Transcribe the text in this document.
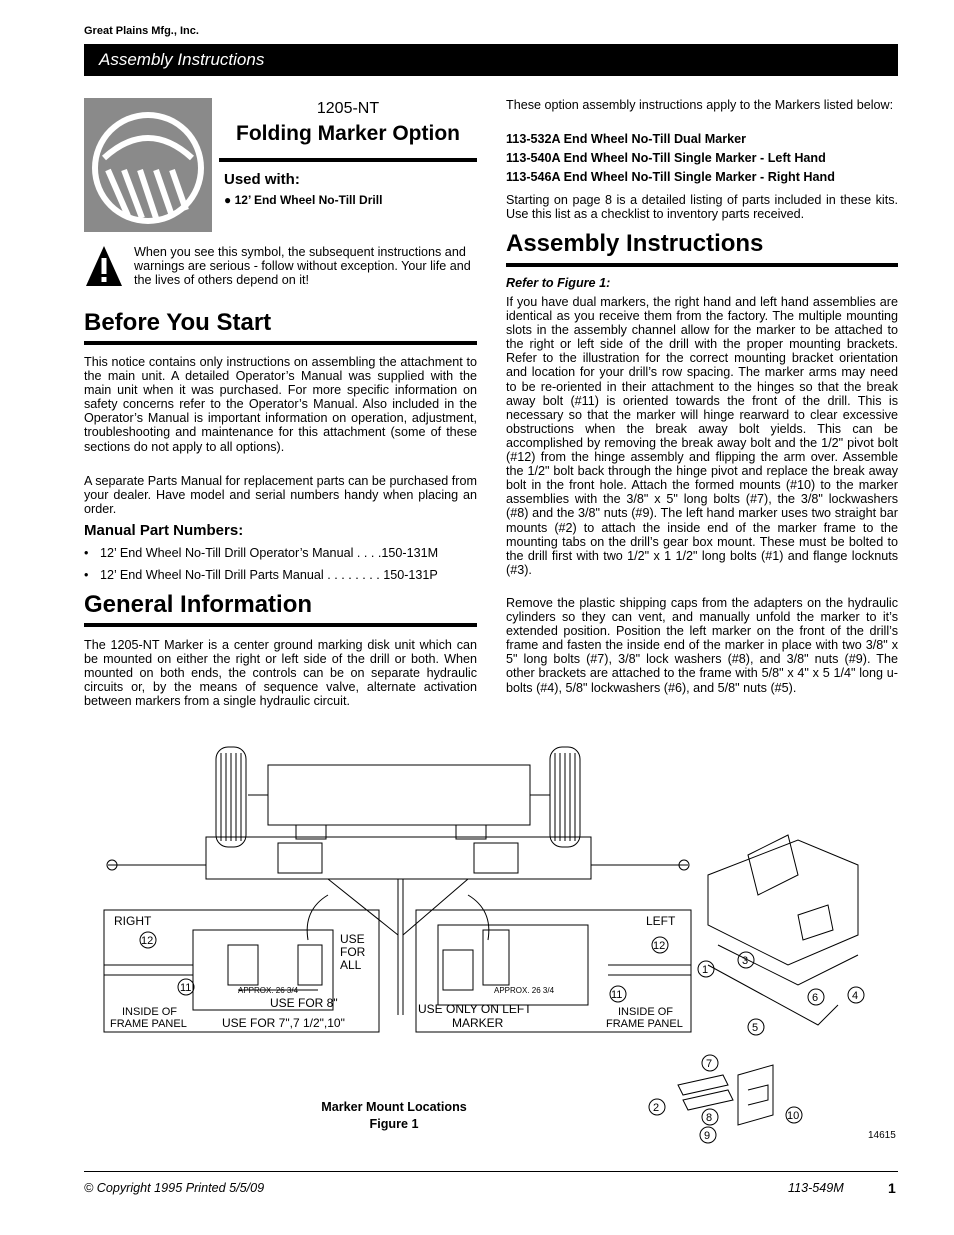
Great Plains Mfg., Inc.
Assembly Instructions
1205-NT
Folding Marker Option
Used with:
● 12’ End Wheel No-Till Drill
When you see this symbol, the subsequent instructions and warnings are serious - follow without exception. Your life and the lives of others depend on it!
Before You Start
This notice contains only instructions on assembling the attachment to the main unit. A detailed Operator’s Manual was supplied with the main unit when it was purchased. For more specific information on safety concerns refer to the Operator’s Manual. Also included in the Operator’s Manual is important information on operation, adjustment, troubleshooting and maintenance for this attachment (some of these sections do not apply to all options).
A separate Parts Manual for replacement parts can be purchased from your dealer. Have model and serial numbers handy when placing an order.
Manual Part Numbers:
• 12’ End Wheel No-Till Drill Operator’s Manual . . . .150-131M
• 12’ End Wheel No-Till Drill Parts Manual . . . . . . . . 150-131P
General Information
The 1205-NT Marker is a center ground marking disk unit which can be mounted on either the right or left side of the drill or both. When mounted on both ends, the controls can be on separate hydraulic circuits or, by the means of sequence valve, alternate activation between markers from a single hydraulic circuit.
These option assembly instructions apply to the Markers listed below:
113-532A End Wheel No-Till Dual Marker
113-540A End Wheel No-Till Single Marker - Left Hand
113-546A End Wheel No-Till Single Marker - Right Hand
Starting on page 8 is a detailed listing of parts included in these kits. Use this list as a checklist to inventory parts received.
Assembly Instructions
Refer to Figure 1:
If you have dual markers, the right hand and left hand assemblies are identical as you receive them from the factory. The multiple mounting slots in the assembly channel allow for the marker to be attached to the right or left side of the drill with the proper mounting brackets. Refer to the illustration for the correct mounting bracket orientation and location for your drill’s row spacing. The marker arms may need to be re-oriented in their attachment to the hinges so that the break away bolt (#11) is oriented towards the front of the drill. This is necessary so that the marker will hinge rearward to clear excessive obstructions when the break away bolt yields. This can be accomplished by removing the break away bolt and the 1/2" pivot bolt (#12) from the hinge assembly and flipping the arm over. Assemble the 1/2" bolt back through the hinge pivot and replace the break away bolt in the front hole. Attach the formed mounts (#10) to the marker assemblies with the 3/8" x 5" long bolts (#7), the 3/8" lockwashers (#8) and the 3/8" nuts (#9). The left hand marker uses two straight bar mounts (#2) to attach the inside end of the marker frame to the mounting tabs on the drill’s gear box mount. These must be bolted to the drill first with two 1/2" x 1 1/2" long bolts (#1) and flange locknuts (#3).
Remove the plastic shipping caps from the adapters on the hydraulic cylinders so they can vent, and manually unfold the marker to it’s extended position. Position the left marker on the front of the drill’s frame and fasten the inside end of the marker in place with two 3/8" x 5" long bolts (#7), 3/8" lock washers (#8), and 3/8" nuts (#9). The other brackets are attached to the frame with 5/8" x 4" x 5 1/4" long u-bolts (#4), 5/8" lockwashers (#6), and 5/8" nuts (#5).
RIGHT
USE
FOR
ALL
APPROX. 26 3/4
USE FOR 8"
INSIDE OF
FRAME PANEL	USE FOR 7",7 1/2",10"
12
11
LEFT
APPROX. 26 3/4
USE ONLY ON LEFT
MARKER
INSIDE OF
FRAME PANEL
12
11
1
3
6	4
5
7
2
8
9
10
Marker Mount Locations
Figure 1
14615
© Copyright 1995 Printed 5/5/09	113-549M	1
